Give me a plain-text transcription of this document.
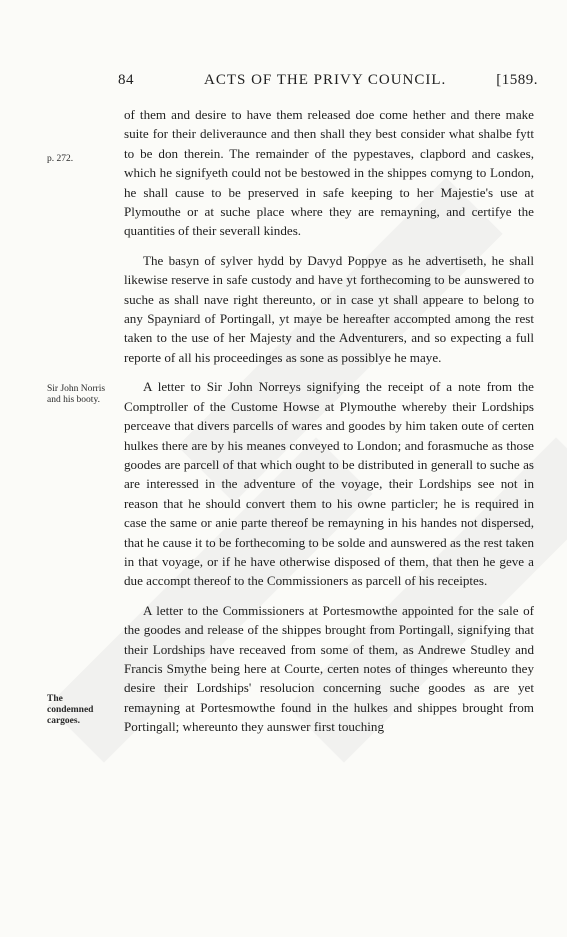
84	ACTS OF THE PRIVY COUNCIL.	[1589.
p. 272.
Sir John Norris and his booty.
The condemned cargoes.

of them and desire to have them released doe come hether and there make suite for their deliveraunce and then shall they best consider what shalbe fytt to be don therein. The remainder of the pypestaves, clapbord and caskes, which he signifyeth could not be bestowed in the shippes comyng to London, he shall cause to be preserved in safe keeping to her Majestie's use at Plymouthe or at suche place where they are remayning, and certifye the quantities of their severall kindes.

The basyn of sylver hydd by Davyd Poppye as he advertiseth, he shall likewise reserve in safe custody and have yt forthecoming to be aunswered to suche as shall nave right thereunto, or in case yt shall appeare to belong to any Spayniard of Portingall, yt maye be hereafter accompted among the rest taken to the use of her Majesty and the Adventurers, and so expecting a full reporte of all his proceedinges as sone as possiblye he maye.

A letter to Sir John Norreys signifying the receipt of a note from the Comptroller of the Custome Howse at Plymouthe whereby their Lordships perceave that divers parcells of wares and goodes by him taken oute of certen hulkes there are by his meanes conveyed to London; and forasmuche as those goodes are parcell of that which ought to be distributed in generall to suche as are interessed in the adventure of the voyage, their Lordships see not in reason that he should convert them to his owne particler; he is required in case the same or anie parte thereof be remayning in his handes not dispersed, that he cause it to be forthecoming to be solde and aunswered as the rest taken in that voyage, or if he have otherwise disposed of them, that then he geve a due accompt thereof to the Commissioners as parcell of his receiptes.

A letter to the Commissioners at Portesmowthe appointed for the sale of the goodes and release of the shippes brought from Portingall, signifying that their Lordships have receaved from some of them, as Andrewe Studley and Francis Smythe being here at Courte, certen notes of thinges whereunto they desire their Lordships' resolucion concerning suche goodes as are yet remayning at Portesmowthe found in the hulkes and shippes brought from Portingall; whereunto they aunswer first touching
